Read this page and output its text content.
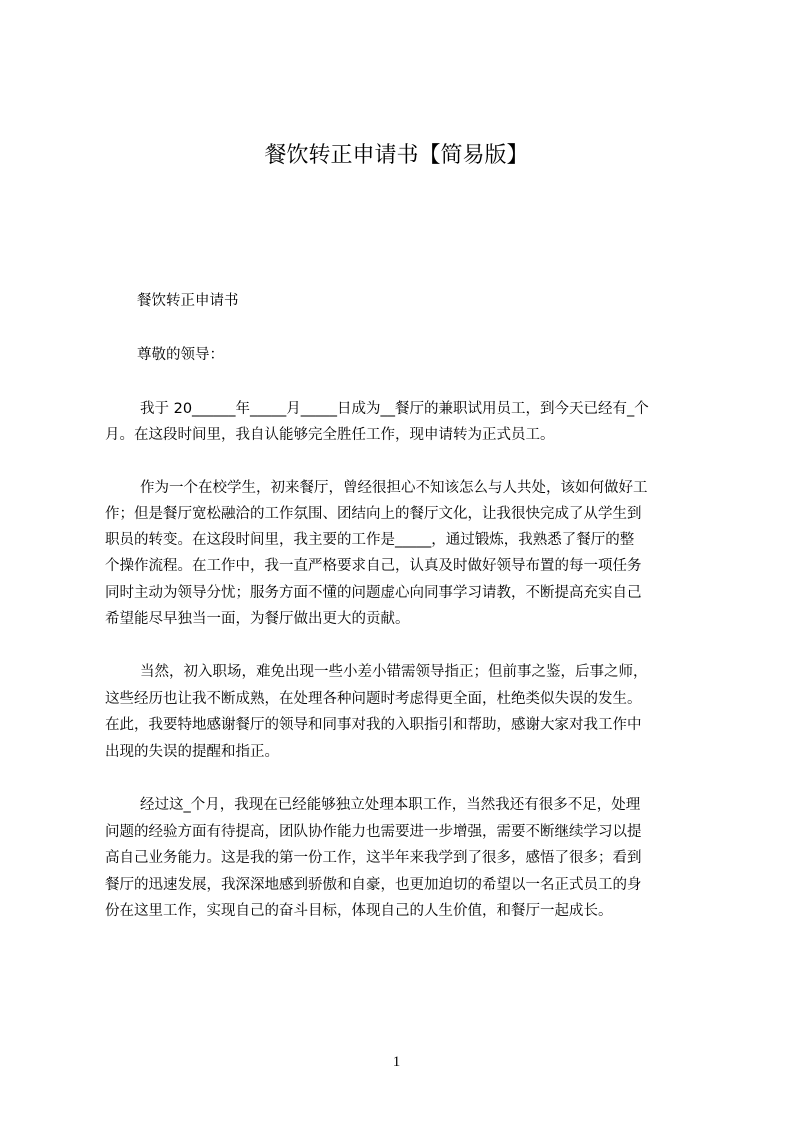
餐饮转正申请书【简易版】
餐饮转正申请书
尊敬的领导：
我于 20______年_____月_____日成为__餐厅的兼职试用员工，到今天已经有_个
月。在这段时间里，我自认能够完全胜任工作，现申请转为正式员工。
作为一个在校学生，初来餐厅，曾经很担心不知该怎么与人共处，该如何做好工
作；但是餐厅宽松融洽的工作氛围、团结向上的餐厅文化，让我很快完成了从学生到
职员的转变。在这段时间里，我主要的工作是_____，通过锻炼，我熟悉了餐厅的整
个操作流程。在工作中，我一直严格要求自己，认真及时做好领导布置的每一项任务
同时主动为领导分忧；服务方面不懂的问题虚心向同事学习请教，不断提高充实自己
希望能尽早独当一面，为餐厅做出更大的贡献。
当然，初入职场，难免出现一些小差小错需领导指正；但前事之鉴，后事之师，
这些经历也让我不断成熟，在处理各种问题时考虑得更全面，杜绝类似失误的发生。
在此，我要特地感谢餐厅的领导和同事对我的入职指引和帮助，感谢大家对我工作中
出现的失误的提醒和指正。
经过这_个月，我现在已经能够独立处理本职工作，当然我还有很多不足，处理
问题的经验方面有待提高，团队协作能力也需要进一步增强，需要不断继续学习以提
高自己业务能力。这是我的第一份工作，这半年来我学到了很多，感悟了很多；看到
餐厅的迅速发展，我深深地感到骄傲和自豪，也更加迫切的希望以一名正式员工的身
份在这里工作，实现自己的奋斗目标，体现自己的人生价值，和餐厅一起成长。
1
